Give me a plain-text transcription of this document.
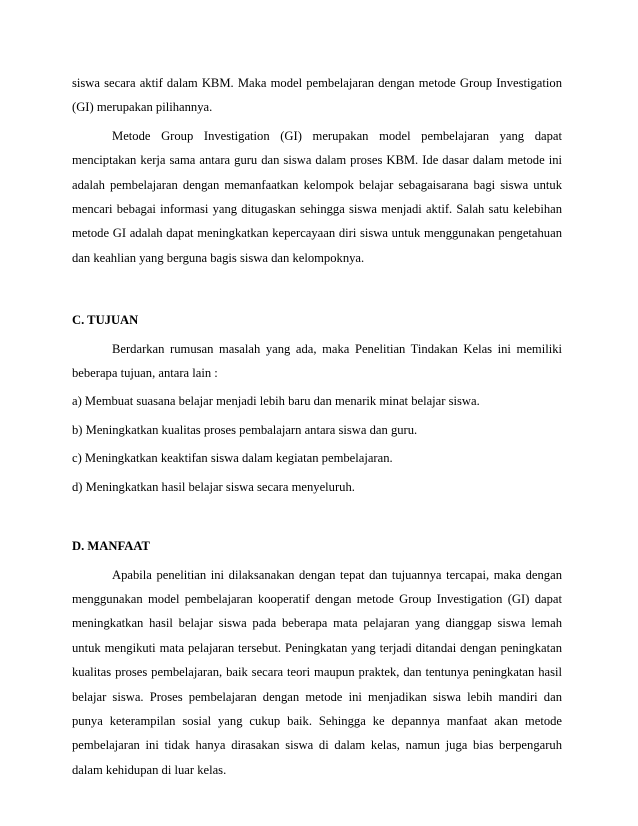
siswa secara aktif dalam KBM. Maka model pembelajaran dengan metode Group Investigation (GI) merupakan pilihannya.

Metode Group Investigation (GI) merupakan model pembelajaran yang dapat menciptakan kerja sama antara guru dan siswa dalam proses KBM. Ide dasar dalam metode ini adalah pembelajaran dengan memanfaatkan kelompok belajar sebagaisarana bagi siswa untuk mencari bebagai informasi yang ditugaskan sehingga siswa menjadi aktif. Salah satu kelebihan metode GI adalah dapat meningkatkan kepercayaan diri siswa untuk menggunakan pengetahuan dan keahlian yang berguna bagis siswa dan kelompoknya.

C. TUJUAN

Berdarkan rumusan masalah yang ada, maka Penelitian Tindakan Kelas ini memiliki beberapa tujuan, antara lain :

a) Membuat suasana belajar menjadi lebih baru dan menarik minat belajar siswa.

b) Meningkatkan kualitas proses pembalajarn antara siswa dan guru.

c) Meningkatkan keaktifan siswa dalam kegiatan pembelajaran.

d) Meningkatkan hasil belajar siswa secara menyeluruh.

D. MANFAAT

Apabila penelitian ini dilaksanakan dengan tepat dan tujuannya tercapai, maka dengan menggunakan model pembelajaran kooperatif dengan metode Group Investigation (GI) dapat meningkatkan hasil belajar siswa pada beberapa mata pelajaran yang dianggap siswa lemah untuk mengikuti mata pelajaran tersebut. Peningkatan yang terjadi ditandai dengan peningkatan kualitas proses pembelajaran, baik secara teori maupun praktek, dan tentunya peningkatan hasil belajar siswa. Proses pembelajaran dengan metode ini menjadikan siswa lebih mandiri dan punya keterampilan sosial yang cukup baik. Sehingga ke depannya manfaat akan metode pembelajaran ini tidak hanya dirasakan siswa di dalam kelas, namun juga bias berpengaruh dalam kehidupan di luar kelas.
